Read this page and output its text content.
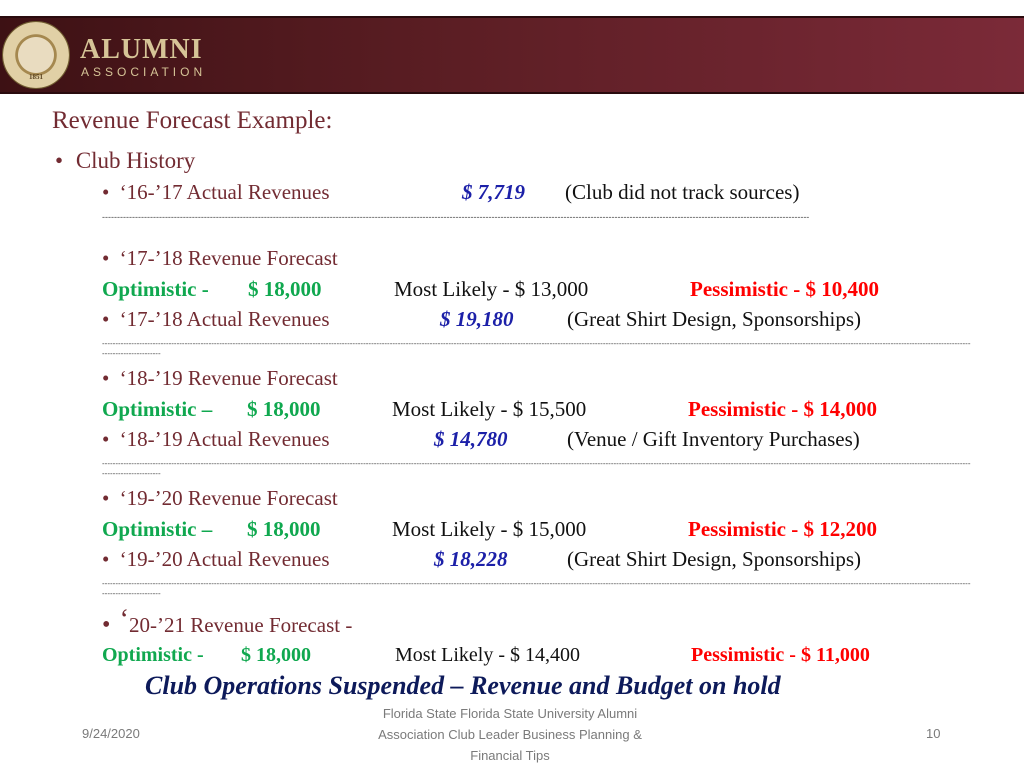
1851
ALUMNI
ASSOCIATION
Revenue Forecast Example:
• Club History
• ‘16-’17 Actual Revenues	$ 7,719 (Club did not track sources)
--------------------------------------------------------------------------------------------------------------------------------------------------------------------------------------------------------------------------------------------
• ‘17-’18 Revenue Forecast
Optimistic - $ 18,000	Most Likely - $ 13,000	Pessimistic - $ 10,400
• ‘17-’18 Actual Revenues	$ 19,180	(Great Shirt Design, Sponsorships)
------------------------------------------------------------------------------------------------------------------------------------------------------------------------------------------------------------------------------------------------------------------------------------------------------------------------------------------------------------
• ‘18-’19 Revenue Forecast
Optimistic – $ 18,000	Most Likely - $ 15,500	Pessimistic - $ 14,000
• ‘18-’19 Actual Revenues	$ 14,780	(Venue / Gift Inventory Purchases)
------------------------------------------------------------------------------------------------------------------------------------------------------------------------------------------------------------------------------------------------------------------------------------------------------------------------------------------------------------
• ‘19-’20 Revenue Forecast
Optimistic – $ 18,000	Most Likely - $ 15,000	Pessimistic - $ 12,200
• ‘19-’20 Actual Revenues	$ 18,228	(Great Shirt Design, Sponsorships)
------------------------------------------------------------------------------------------------------------------------------------------------------------------------------------------------------------------------------------------------------------------------------------------------------------------------------------------------------------
• ‘20-’21 Revenue Forecast -
Optimistic - $ 18,000	Most Likely - $ 14,400	Pessimistic - $ 11,000
Club Operations Suspended – Revenue and Budget on hold
9/24/2020
Florida State Florida State University Alumni
Association Club Leader Business Planning &
Financial Tips
10
